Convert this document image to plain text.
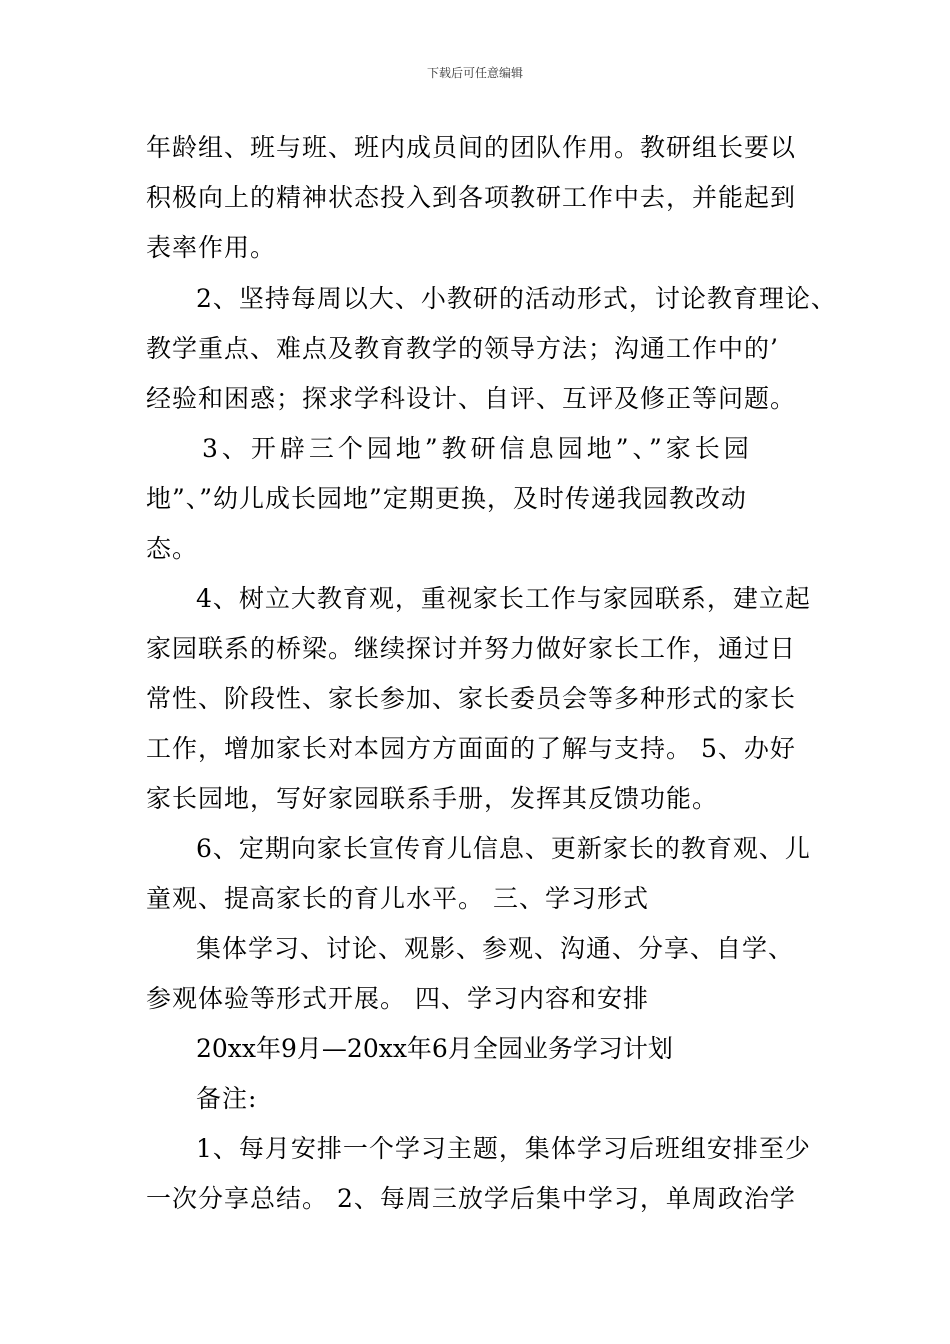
下载后可任意编辑
年龄组、班与班、班内成员间的团队作用。教研组长要以
积极向上的精神状态投入到各项教研工作中去，并能起到
表率作用。
2、坚持每周以大、小教研的活动形式，讨论教育理论、
教学重点、难点及教育教学的领导方法；沟通工作中的’
经验和困惑；探求学科设计、自评、互评及修正等问题。
3、开辟三个园地”教研信息园地”、”家长园
地”、”幼儿成长园地”定期更换，及时传递我园教改动
态。
4、树立大教育观，重视家长工作与家园联系，建立起
家园联系的桥梁。继续探讨并努力做好家长工作，通过日
常性、阶段性、家长参加、家长委员会等多种形式的家长
工作，增加家长对本园方方面面的了解与支持。 5、办好
家长园地，写好家园联系手册，发挥其反馈功能。
6、定期向家长宣传育儿信息、更新家长的教育观、儿
童观、提高家长的育儿水平。 三、学习形式
集体学习、讨论、观影、参观、沟通、分享、自学、
参观体验等形式开展。 四、学习内容和安排
20xx年9月—20xx年6月全园业务学习计划
备注:
1、每月安排一个学习主题，集体学习后班组安排至少
一次分享总结。 2、每周三放学后集中学习，单周政治学
